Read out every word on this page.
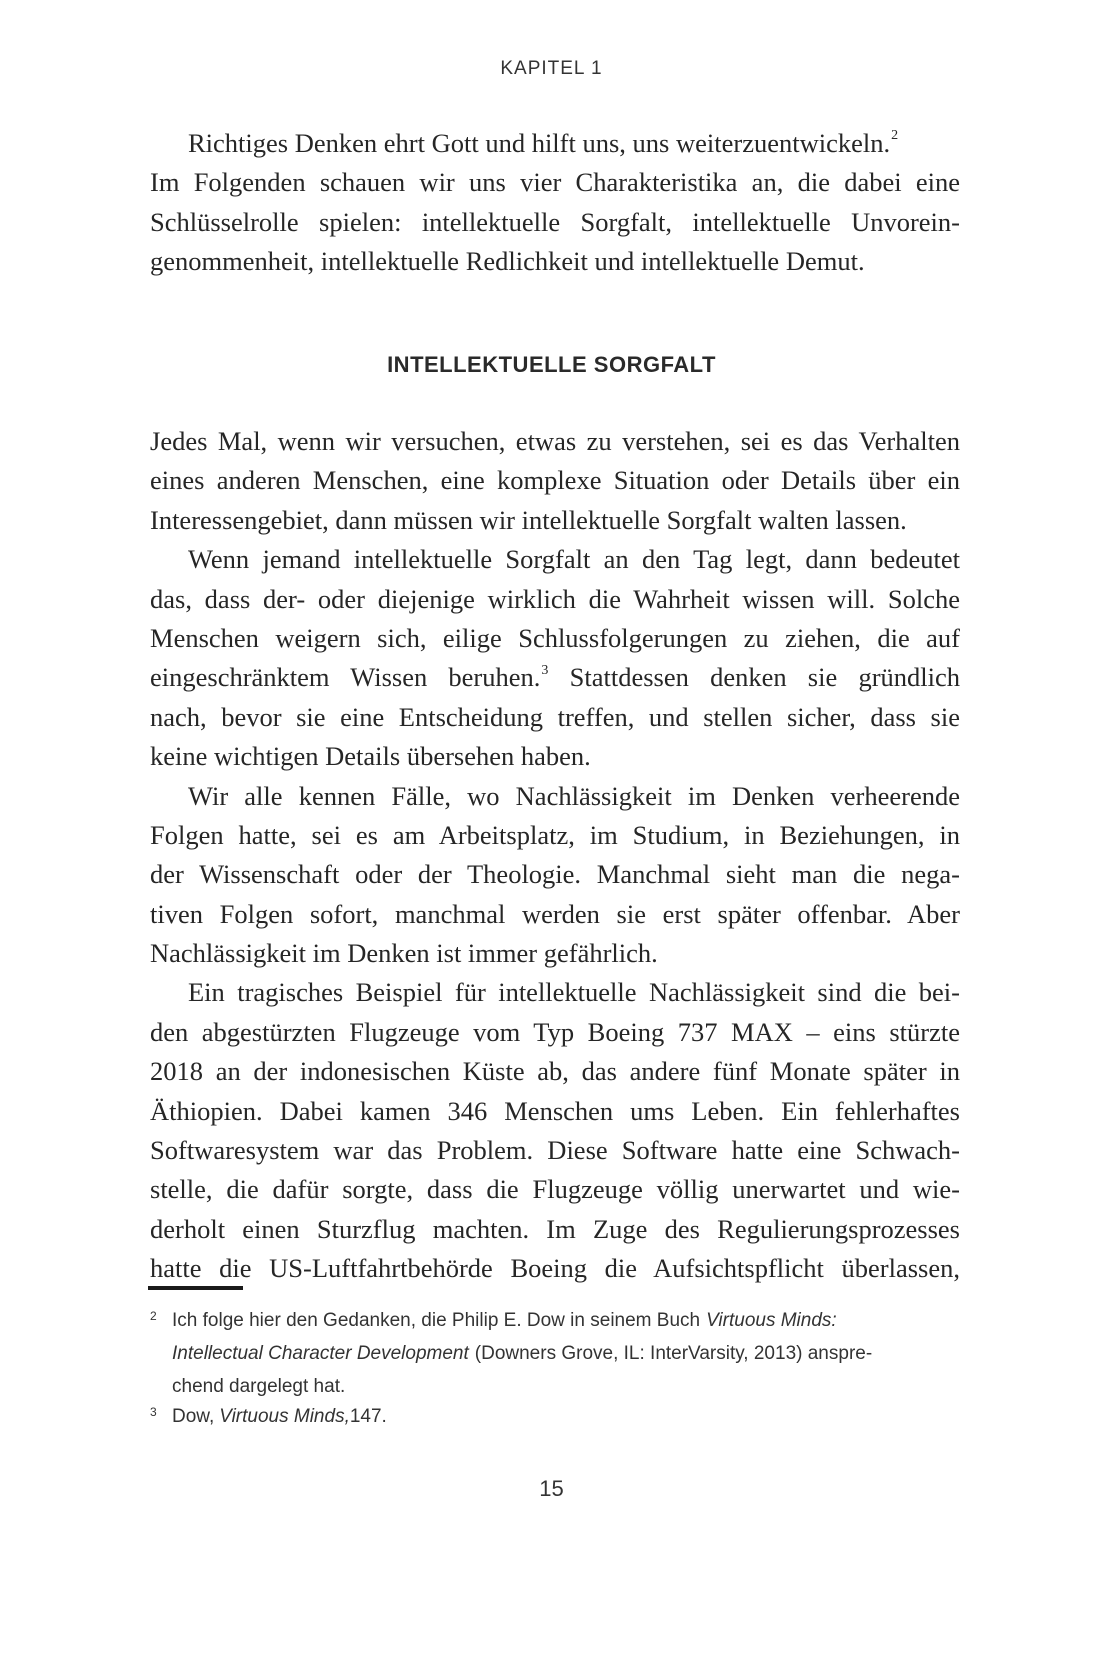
KAPITEL 1
Richtiges Denken ehrt Gott und hilft uns, uns weiterzuentwickeln.$^2$
Im Folgenden schauen wir uns vier Charakteristika an, die dabei eine
Schlüsselrolle spielen: intellektuelle Sorgfalt, intellektuelle Unvorein-
genommenheit, intellektuelle Redlichkeit und intellektuelle Demut.
INTELLEKTUELLE SORGFALT
Jedes Mal, wenn wir versuchen, etwas zu verstehen, sei es das Verhalten
eines anderen Menschen, eine komplexe Situation oder Details über ein
Interessengebiet, dann müssen wir intellektuelle Sorgfalt walten lassen.
Wenn jemand intellektuelle Sorgfalt an den Tag legt, dann bedeutet
das, dass der- oder diejenige wirklich die Wahrheit wissen will. Solche
Menschen weigern sich, eilige Schlussfolgerungen zu ziehen, die auf
eingeschränktem Wissen beruhen.$^3$ Stattdessen denken sie gründlich
nach, bevor sie eine Entscheidung treffen, und stellen sicher, dass sie
keine wichtigen Details übersehen haben.
Wir alle kennen Fälle, wo Nachlässigkeit im Denken verheerende
Folgen hatte, sei es am Arbeitsplatz, im Studium, in Beziehungen, in
der Wissenschaft oder der Theologie. Manchmal sieht man die nega-
tiven Folgen sofort, manchmal werden sie erst später offenbar. Aber
Nachlässigkeit im Denken ist immer gefährlich.
Ein tragisches Beispiel für intellektuelle Nachlässigkeit sind die bei-
den abgestürzten Flugzeuge vom Typ Boeing 737 MAX – eins stürzte
2018 an der indonesischen Küste ab, das andere fünf Monate später in
Äthiopien. Dabei kamen 346 Menschen ums Leben. Ein fehlerhaftes
Softwaresystem war das Problem. Diese Software hatte eine Schwach-
stelle, die dafür sorgte, dass die Flugzeuge völlig unerwartet und wie-
derholt einen Sturzflug machten. Im Zuge des Regulierungsprozesses
hatte die US-Luftfahrtbehörde Boeing die Aufsichtspflicht überlassen,
2 Ich folge hier den Gedanken, die Philip E. Dow in seinem Buch Virtuous Minds:
Intellectual Character Development (Downers Grove, IL: InterVarsity, 2013) anspre-
chend dargelegt hat.
3 Dow, Virtuous Minds, 147.
15
